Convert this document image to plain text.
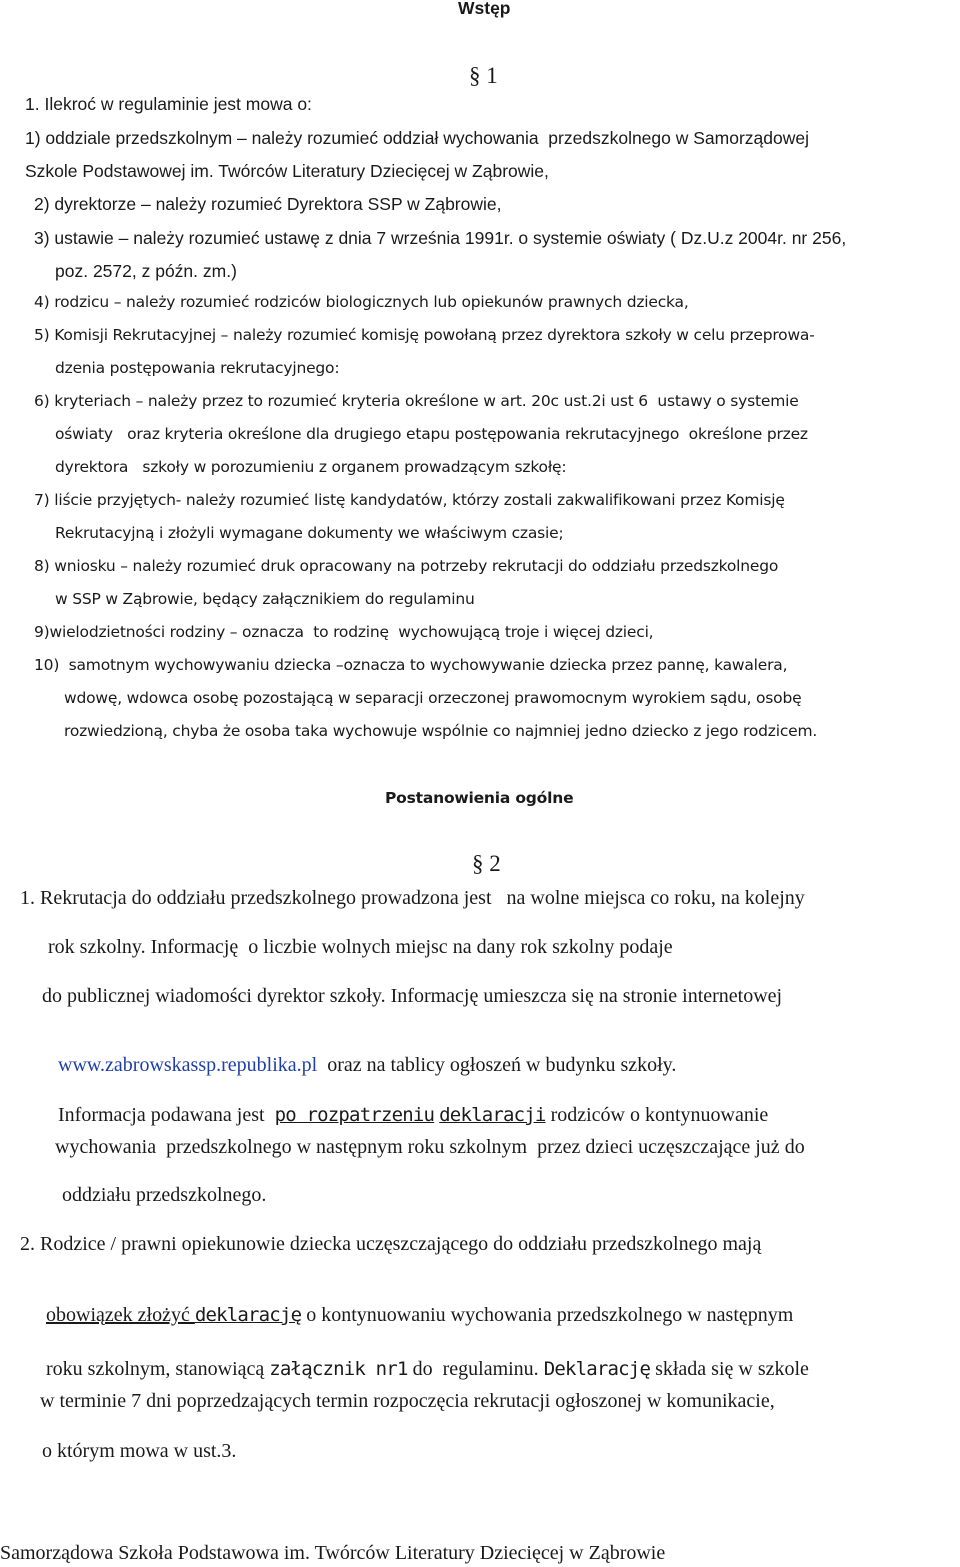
Wstęp
§ 1
1. Ilekroć w regulaminie jest mowa o:
1) oddziale przedszkolnym – należy rozumieć oddział wychowania  przedszkolnego w Samorządowej
Szkole Podstawowej im. Twórców Literatury Dziecięcej w Ząbrowie,
2) dyrektorze – należy rozumieć Dyrektora SSP w Ząbrowie,
3) ustawie – należy rozumieć ustawę z dnia 7 września 1991r. o systemie oświaty ( Dz.U.z 2004r. nr 256,
poz. 2572, z późn. zm.)
4) rodzicu – należy rozumieć rodziców biologicznych lub opiekunów prawnych dziecka,
5) Komisji Rekrutacyjnej – należy rozumieć komisję powołaną przez dyrektora szkoły w celu przeprowa-
dzenia postępowania rekrutacyjnego:
6) kryteriach – należy przez to rozumieć kryteria określone w art. 20c ust.2i ust 6  ustawy o systemie
oświaty   oraz kryteria określone dla drugiego etapu postępowania rekrutacyjnego  określone przez
dyrektora   szkoły w porozumieniu z organem prowadzącym szkołę:
7) liście przyjętych- należy rozumieć listę kandydatów, którzy zostali zakwalifikowani przez Komisję
Rekrutacyjną i złożyli wymagane dokumenty we właściwym czasie;
8) wniosku – należy rozumieć druk opracowany na potrzeby rekrutacji do oddziału przedszkolnego
w SSP w Ząbrowie, będący załącznikiem do regulaminu
9)wielodzietności rodziny – oznacza  to rodzinę  wychowującą troje i więcej dzieci,
10)  samotnym wychowywaniu dziecka –oznacza to wychowywanie dziecka przez pannę, kawalera,
wdowę, wdowca osobę pozostającą w separacji orzeczonej prawomocnym wyrokiem sądu, osobę
rozwiedzioną, chyba że osoba taka wychowuje wspólnie co najmniej jedno dziecko z jego rodzicem.
Postanowienia ogólne
§ 2
1. Rekrutacja do oddziału przedszkolnego prowadzona jest   na wolne miejsca co roku, na kolejny
rok szkolny. Informację  o liczbie wolnych miejsc na dany rok szkolny podaje
do publicznej wiadomości dyrektor szkoły. Informację umieszcza się na stronie internetowej

www.zabrowskassp.republika.pl  oraz na tablicy ogłoszeń w budynku szkoły.

Informacja podawana jest  po rozpatrzeniu deklaracji rodziców o kontynuowanie

wychowania  przedszkolnego w następnym roku szkolnym  przez dzieci uczęszczające już do
oddziału przedszkolnego.
2. Rodzice / prawni opiekunowie dziecka uczęszczającego do oddziału przedszkolnego mają

obowiązek złożyć deklarację o kontynuowaniu wychowania przedszkolnego w następnym

roku szkolnym, stanowiącą załącznik nr1 do  regulaminu. Deklarację składa się w szkole

w terminie 7 dni poprzedzających termin rozpoczęcia rekrutacji ogłoszonej w komunikacie,
o którym mowa w ust.3.
Samorządowa Szkoła Podstawowa im. Twórców Literatury Dziecięcej w Ząbrowie
